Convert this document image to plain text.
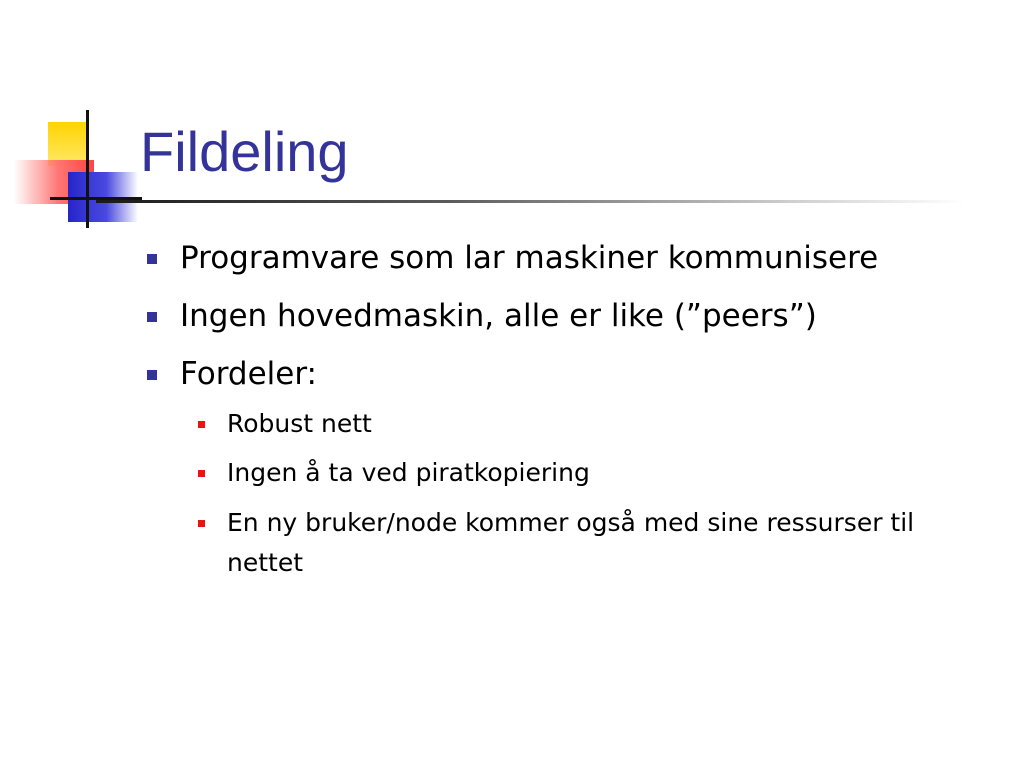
Fildeling
Programvare som lar maskiner kommunisere
Ingen hovedmaskin, alle er like (”peers”)
Fordeler:
Robust nett
Ingen å ta ved piratkopiering
En ny bruker/node kommer også med sine ressurser til nettet
